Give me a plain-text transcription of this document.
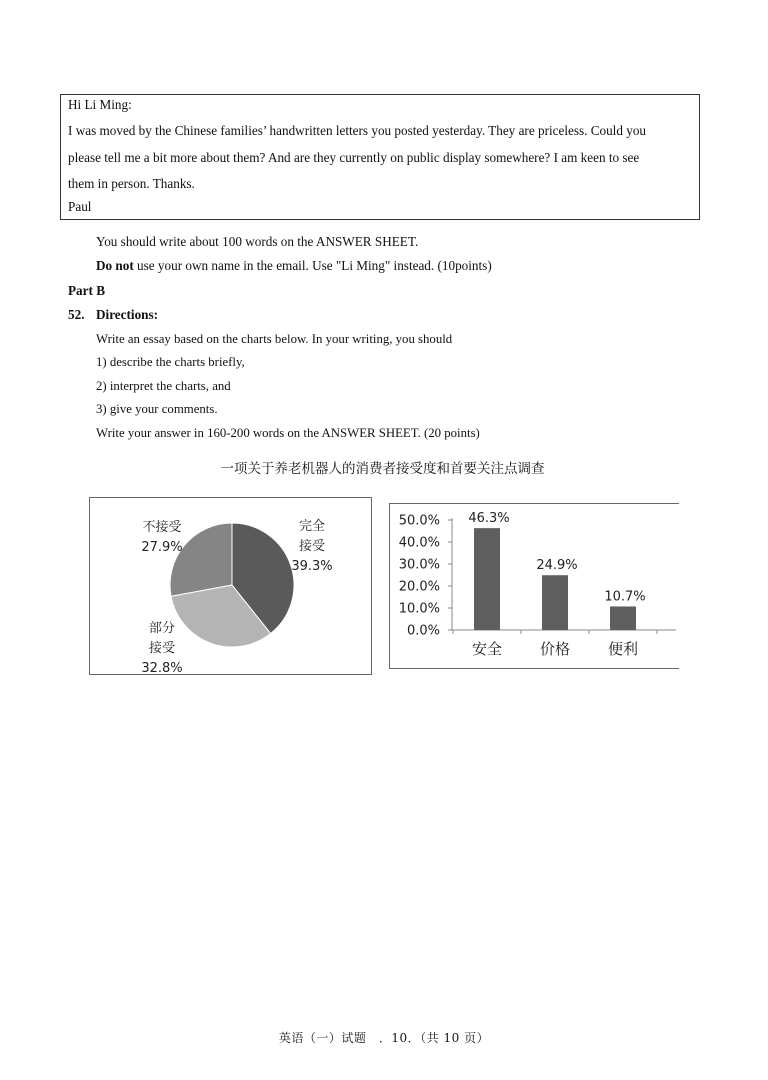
Hi Li Ming:
I was moved by the Chinese families’ handwritten letters you posted yesterday. They are priceless. Could you
please tell me a bit more about them? And are they currently on public display somewhere? I am keen to see
them in person. Thanks.
Paul
You should write about 100 words on the ANSWER SHEET.
Do not use your own name in the email. Use "Li Ming" instead. (10points)
Part B
52. Directions:
Write an essay based on the charts below. In your writing, you should
1) describe the charts briefly,
2) interpret the charts, and
3) give your comments.
Write your answer in 160-200 words on the ANSWER SHEET. (20 points)
一项关于养老机器人的消费者接受度和首要关注点调查
完全
接受
39.3%
部分
接受
32.8%
不接受
27.9%
0.0%
10.0%
20.0%
30.0%
40.0%
50.0% 46.3%
安全
24.9%
价格
10.7%
便利
英语（一）试题　．10．（共 10 页）
